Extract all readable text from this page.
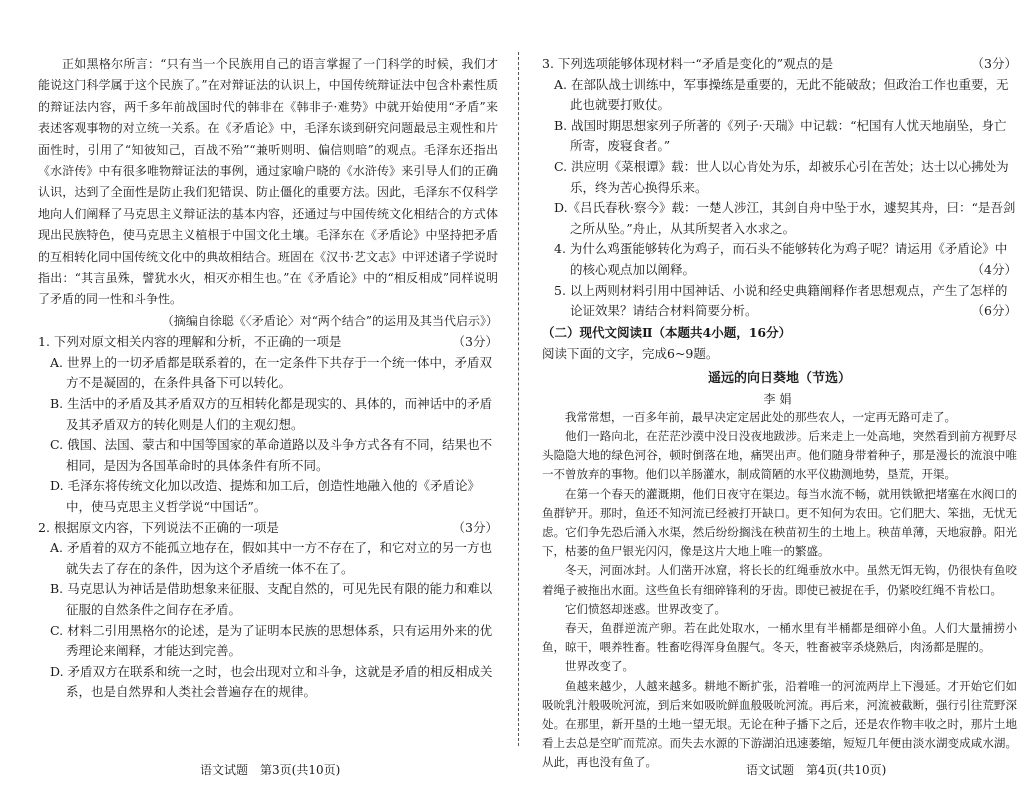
正如黑格尔所言：“只有当一个民族用自己的语言掌握了一门科学的时候，我们才能说这门科学属于这个民族了。”在对辩证法的认识上，中国传统辩证法中包含朴素性质的辩证法内容，两千多年前战国时代的韩非在《韩非子·难势》中就开始使用“矛盾”来表述客观事物的对立统一关系。在《矛盾论》中，毛泽东谈到研究问题最忌主观性和片面性时，引用了“知彼知己，百战不殆”“兼听则明、偏信则暗”的观点。毛泽东还指出《水浒传》中有很多唯物辩证法的事例，通过家喻户晓的《水浒传》来引导人们的正确认识，达到了全面性是防止我们犯错误、防止僵化的重要方法。因此，毛泽东不仅科学地向人们阐释了马克思主义辩证法的基本内容，还通过与中国传统文化相结合的方式体现出民族特色，使马克思主义植根于中国文化土壤。毛泽东在《矛盾论》中坚持把矛盾的互相转化同中国传统文化中的典故相结合。班固在《汉书·艺文志》中评述诸子学说时指出：“其言虽殊，譬犹水火，相灭亦相生也。”在《矛盾论》中的“相反相成”同样说明了矛盾的同一性和斗争性。

（摘编自徐聪《〈矛盾论〉对“两个结合”的运用及其当代启示》）

1. 下列对原文相关内容的理解和分析，不正确的一项是	（3分）

A. 世界上的一切矛盾都是联系着的，在一定条件下共存于一个统一体中，矛盾双方不是凝固的，在条件具备下可以转化。

B. 生活中的矛盾及其矛盾双方的互相转化都是现实的、具体的，而神话中的矛盾及其矛盾双方的转化则是人们的主观幻想。

C. 俄国、法国、蒙古和中国等国家的革命道路以及斗争方式各有不同，结果也不相同，是因为各国革命时的具体条件有所不同。

D. 毛泽东将传统文化加以改造、提炼和加工后，创造性地融入他的《矛盾论》中，使马克思主义哲学说“中国话”。

2. 根据原文内容，下列说法不正确的一项是	（3分）

A. 矛盾着的双方不能孤立地存在，假如其中一方不存在了，和它对立的另一方也就失去了存在的条件，因为这个矛盾统一体不在了。

B. 马克思认为神话是借助想象来征服、支配自然的，可见先民有限的能力和难以征服的自然条件之间存在矛盾。

C. 材料二引用黑格尔的论述，是为了证明本民族的思想体系，只有运用外来的优秀理论来阐释，才能达到完善。

D. 矛盾双方在联系和统一之时，也会出现对立和斗争，这就是矛盾的相反相成关系，也是自然界和人类社会普遍存在的规律。

语文试题　第3页(共10页)
3. 下列选项能够体现材料一“矛盾是变化的”观点的是	（3分）

A. 在部队战士训练中，军事操练是重要的，无此不能破敌；但政治工作也重要，无此也就要打败仗。

B. 战国时期思想家列子所著的《列子·天瑞》中记载：“杞国有人忧天地崩坠，身亡所寄，废寝食者。”

C. 洪应明《菜根谭》载：世人以心肯处为乐，却被乐心引在苦处；达士以心拂处为乐，终为苦心换得乐来。

D.《吕氏春秋·察今》载：一楚人涉江，其剑自舟中坠于水，遽契其舟，曰：“是吾剑之所从坠。”舟止，从其所契者入水求之。

4. 为什么鸡蛋能够转化为鸡子，而石头不能够转化为鸡子呢？请运用《矛盾论》中的核心观点加以阐释。	（4分）

5. 以上两则材料引用中国神话、小说和经史典籍阐释作者思想观点，产生了怎样的论证效果？请结合材料简要分析。	（6分）

（二）现代文阅读Ⅱ（本题共4小题，16分）

阅读下面的文字，完成6~9题。

遥远的向日葵地（节选）

李娟

我常常想，一百多年前，最早决定定居此处的那些农人，一定再无路可走了。

他们一路向北，在茫茫沙漠中没日没夜地跋涉。后来走上一处高地，突然看到前方视野尽头隐隐大地的绿色河谷，顿时倒落在地，痛哭出声。他们随身带着种子，那是漫长的流浪中唯一不曾放弃的事物。他们以羊肠灌水，制成简陋的水平仪勘测地势，垦荒，开渠。

在第一个春天的灌溉期，他们日夜守在渠边。每当水流不畅，就用铁锨把堵塞在水阀口的鱼群铲开。那时，鱼还不知河流已经被打开缺口。更不知何为农田。它们肥大、笨拙，无忧无虑。它们争先恐后涌入水渠，然后纷纷搁浅在秧苗初生的土地上。秧苗单薄，天地寂静。阳光下，枯萎的鱼尸银光闪闪，像是这片大地上唯一的繁盛。

冬天，河面冰封。人们凿开冰窟，将长长的红绳垂放水中。虽然无饵无钩，仍很快有鱼咬着绳子被拖出水面。这些鱼长有细碎锋利的牙齿。即使已被捉在手，仍紧咬红绳不肯松口。

它们愤怒却迷惑。世界改变了。

春天，鱼群逆流产卵。若在此处取水，一桶水里有半桶都是细碎小鱼。人们大量捕捞小鱼，晾干，喂养牲畜。牲畜吃得浑身鱼腥气。冬天，牲畜被宰杀烧熟后，肉汤都是腥的。

世界改变了。

鱼越来越少，人越来越多。耕地不断扩张，沿着唯一的河流两岸上下漫延。才开始它们如吸吮乳汁般吸吮河流，到后来如吸吮鲜血般吸吮河流。再后来，河流被截断，强行引往荒野深处。在那里，新开垦的土地一望无垠。无论在种子播下之后，还是农作物丰收之时，那片土地看上去总是空旷而荒凉。而失去水源的下游湖泊迅速萎缩，短短几年便由淡水湖变成咸水湖。从此，再也没有鱼了。

语文试题　第4页(共10页)
